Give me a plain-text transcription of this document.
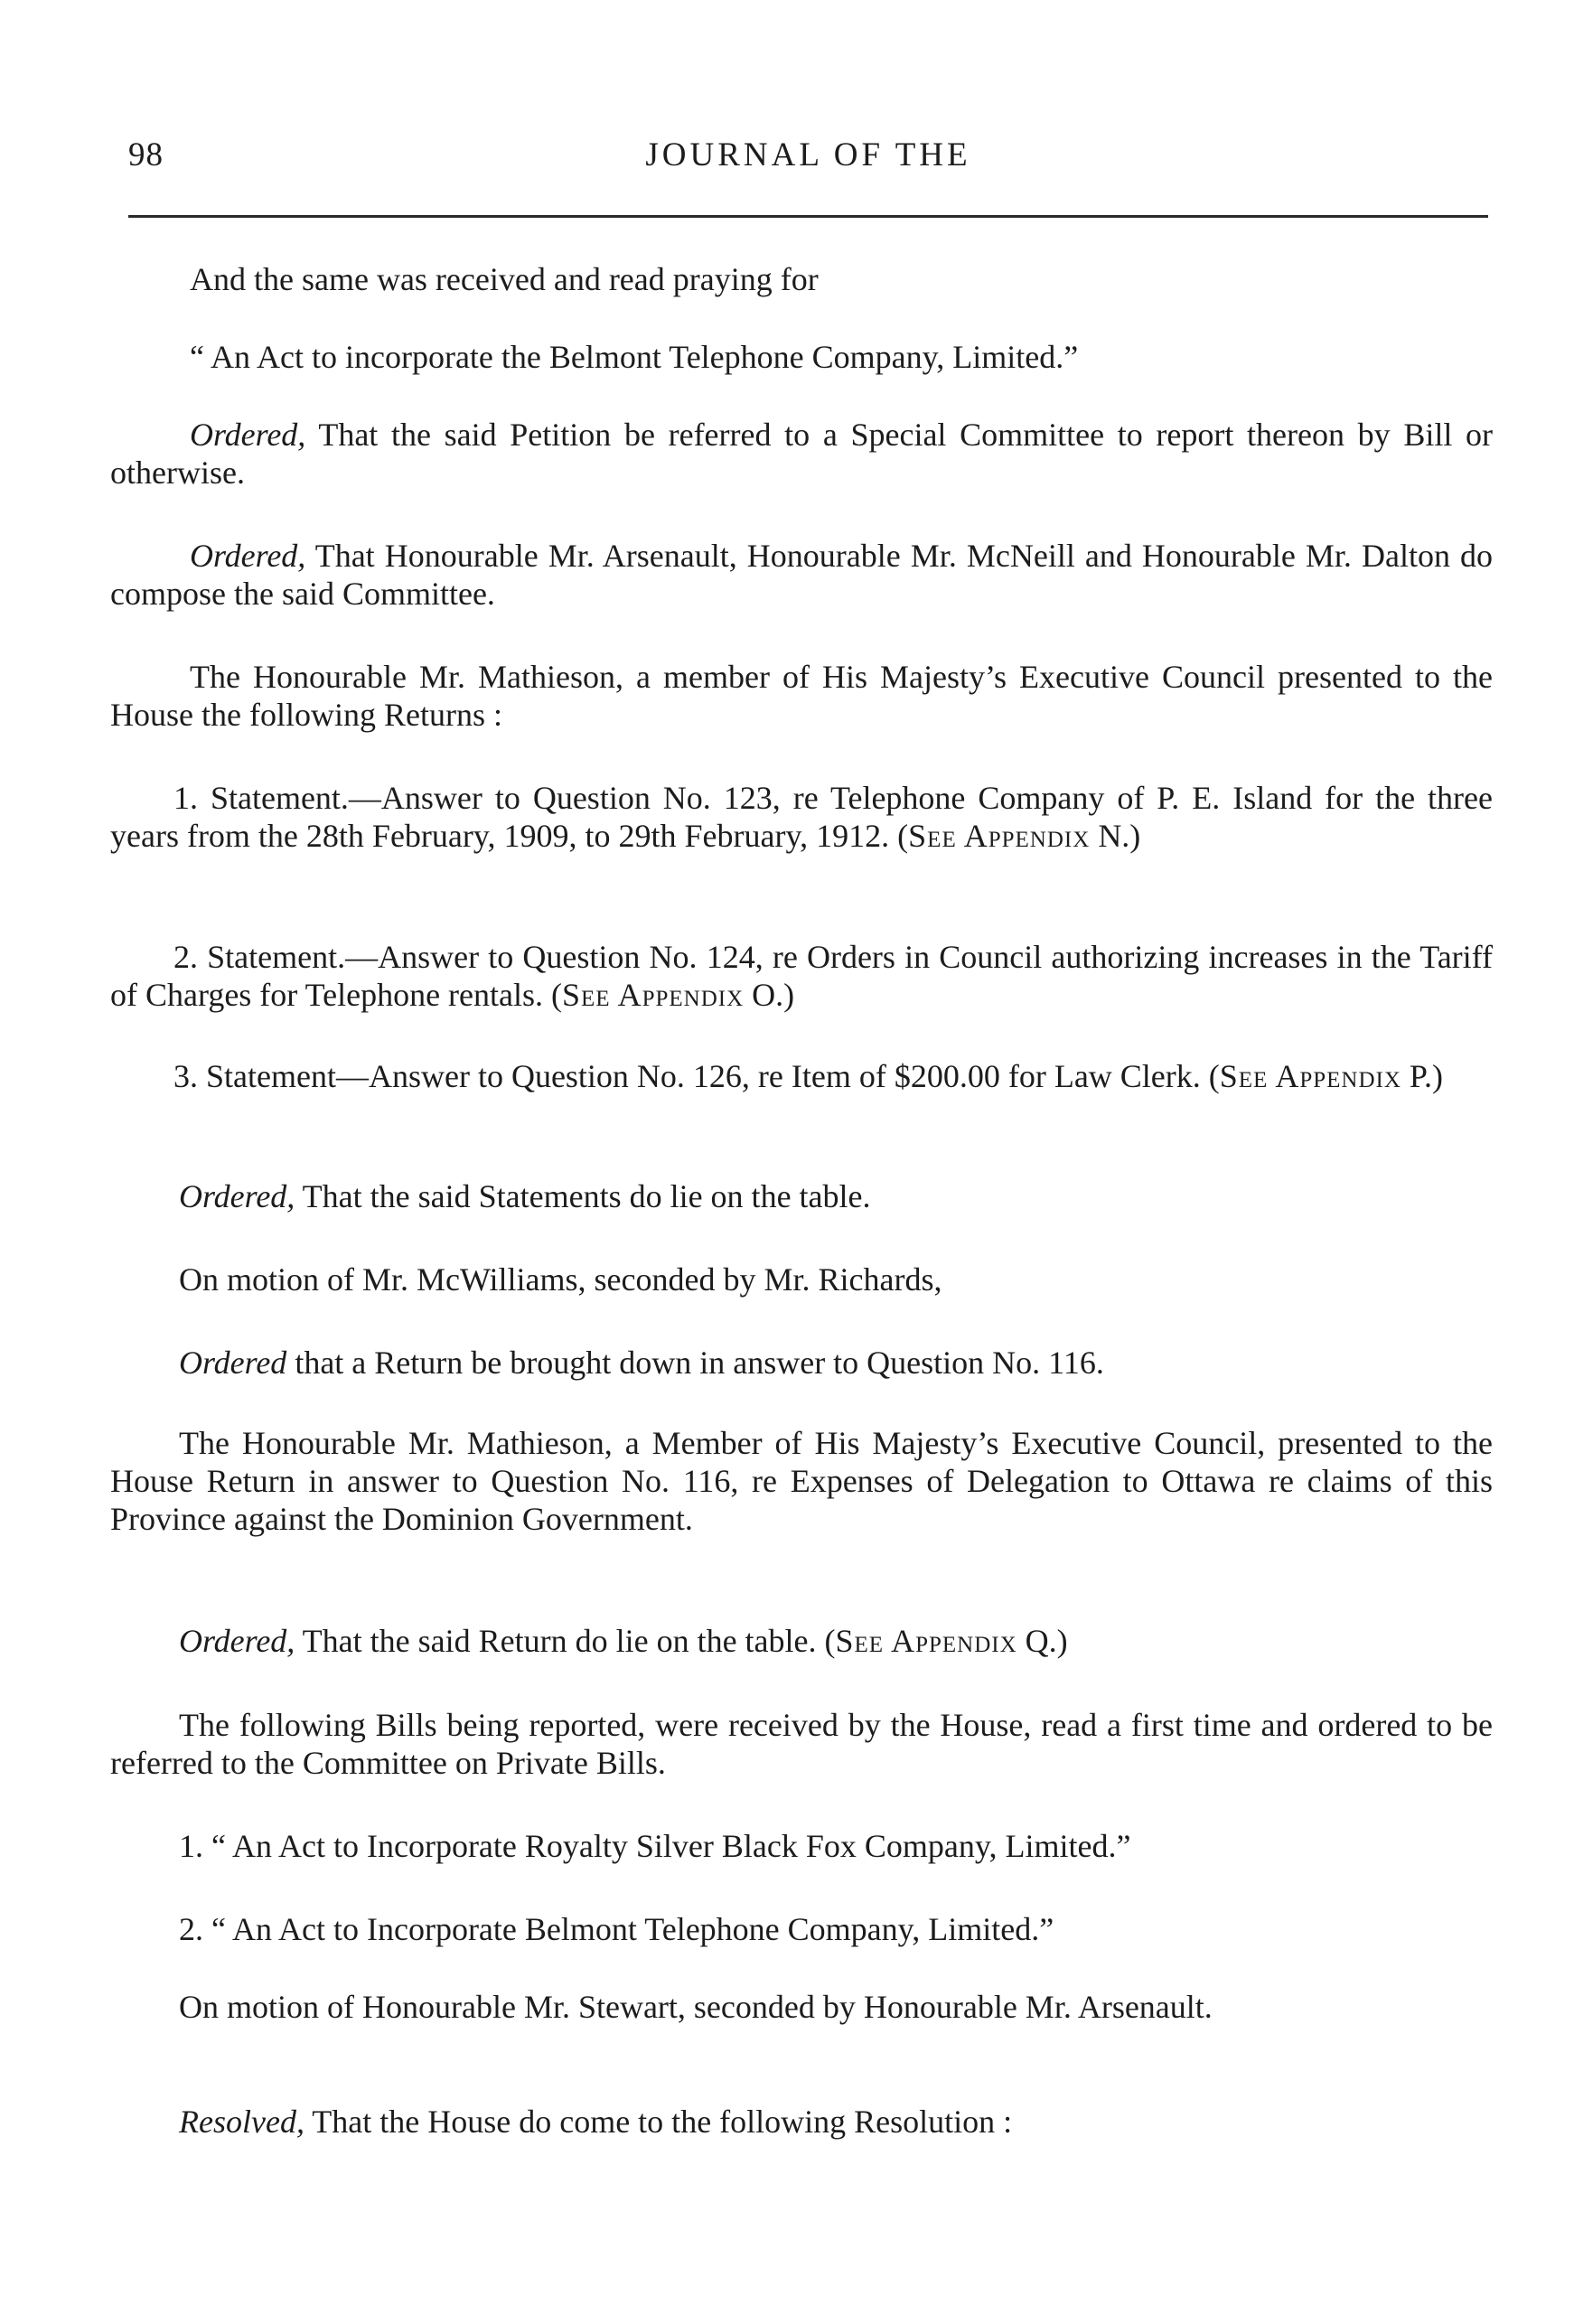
98	JOURNAL OF THE

And the same was received and read praying for

“ An Act to incorporate the Belmont Telephone Company, Limited.”

Ordered, That the said Petition be referred to a Special Committee to report thereon by Bill or otherwise.

Ordered, That Honourable Mr. Arsenault, Honourable Mr. McNeill and Honourable Mr. Dalton do compose the said Committee.

The Honourable Mr. Mathieson, a member of His Majesty’s Executive Council presented to the House the following Returns :

1. Statement.—Answer to Question No. 123, re Telephone Company of P. E. Island for the three years from the 28th February, 1909, to 29th February, 1912. (See Appendix N.)

2. Statement.—Answer to Question No. 124, re Orders in Council authorizing increases in the Tariff of Charges for Telephone rentals. (See Appendix O.)

3. Statement—Answer to Question No. 126, re Item of $200.00 for Law Clerk. (See Appendix P.)

Ordered, That the said Statements do lie on the table.

On motion of Mr. McWilliams, seconded by Mr. Richards,

Ordered that a Return be brought down in answer to Question No. 116.

The Honourable Mr. Mathieson, a Member of His Majesty’s Executive Council, presented to the House Return in answer to Question No. 116, re Expenses of Delegation to Ottawa re claims of this Province against the Dominion Government.

Ordered, That the said Return do lie on the table. (See Appendix Q.)

The following Bills being reported, were received by the House, read a first time and ordered to be referred to the Committee on Private Bills.

1. “ An Act to Incorporate Royalty Silver Black Fox Company, Limited.”

2. “ An Act to Incorporate Belmont Telephone Company, Limited.”

On motion of Honourable Mr. Stewart, seconded by Honourable Mr. Arsenault.

Resolved, That the House do come to the following Resolution :
